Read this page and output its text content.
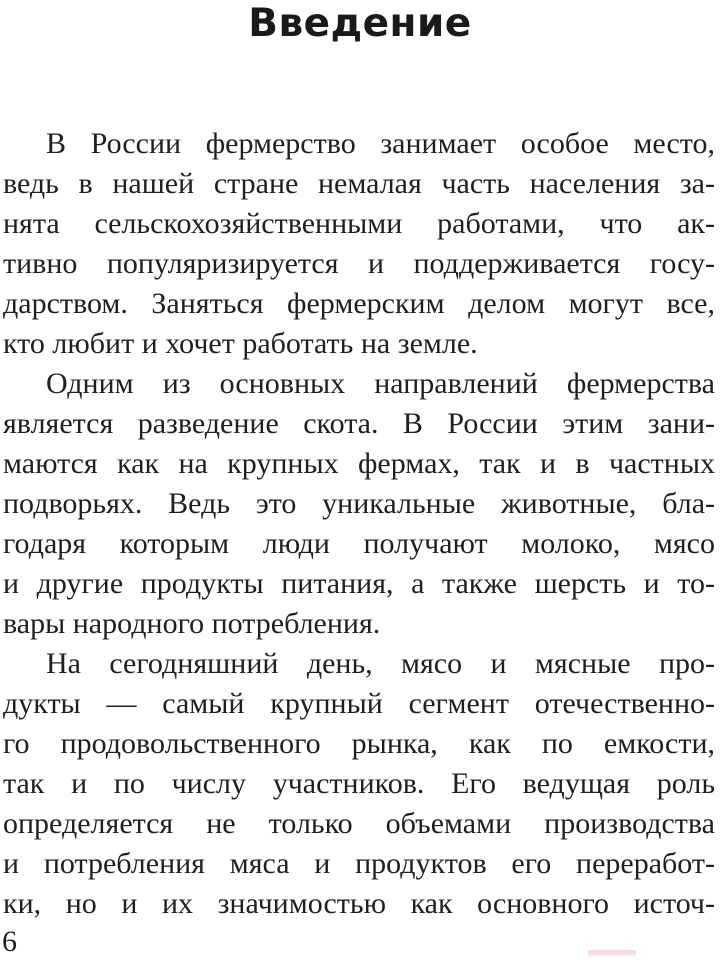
Введение
В России фермерство занимает особое место,
ведь в нашей стране немалая часть населения за-
нята сельскохозяйственными работами, что ак-
тивно популяризируется и поддерживается госу-
дарством. Заняться фермерским делом могут все,
кто любит и хочет работать на земле.
Одним из основных направлений фермерства
является разведение скота. В России этим зани-
маются как на крупных фермах, так и в частных
подворьях. Ведь это уникальные животные, бла-
годаря которым люди получают молоко, мясо
и другие продукты питания, а также шерсть и то-
вары народного потребления.
На сегодняшний день, мясо и мясные про-
дукты — самый крупный сегмент отечественно-
го продовольственного рынка, как по емкости,
так и по числу участников. Его ведущая роль
определяется не только объемами производства
и потребления мяса и продуктов его переработ-
ки, но и их значимостью как основного источ-
6
